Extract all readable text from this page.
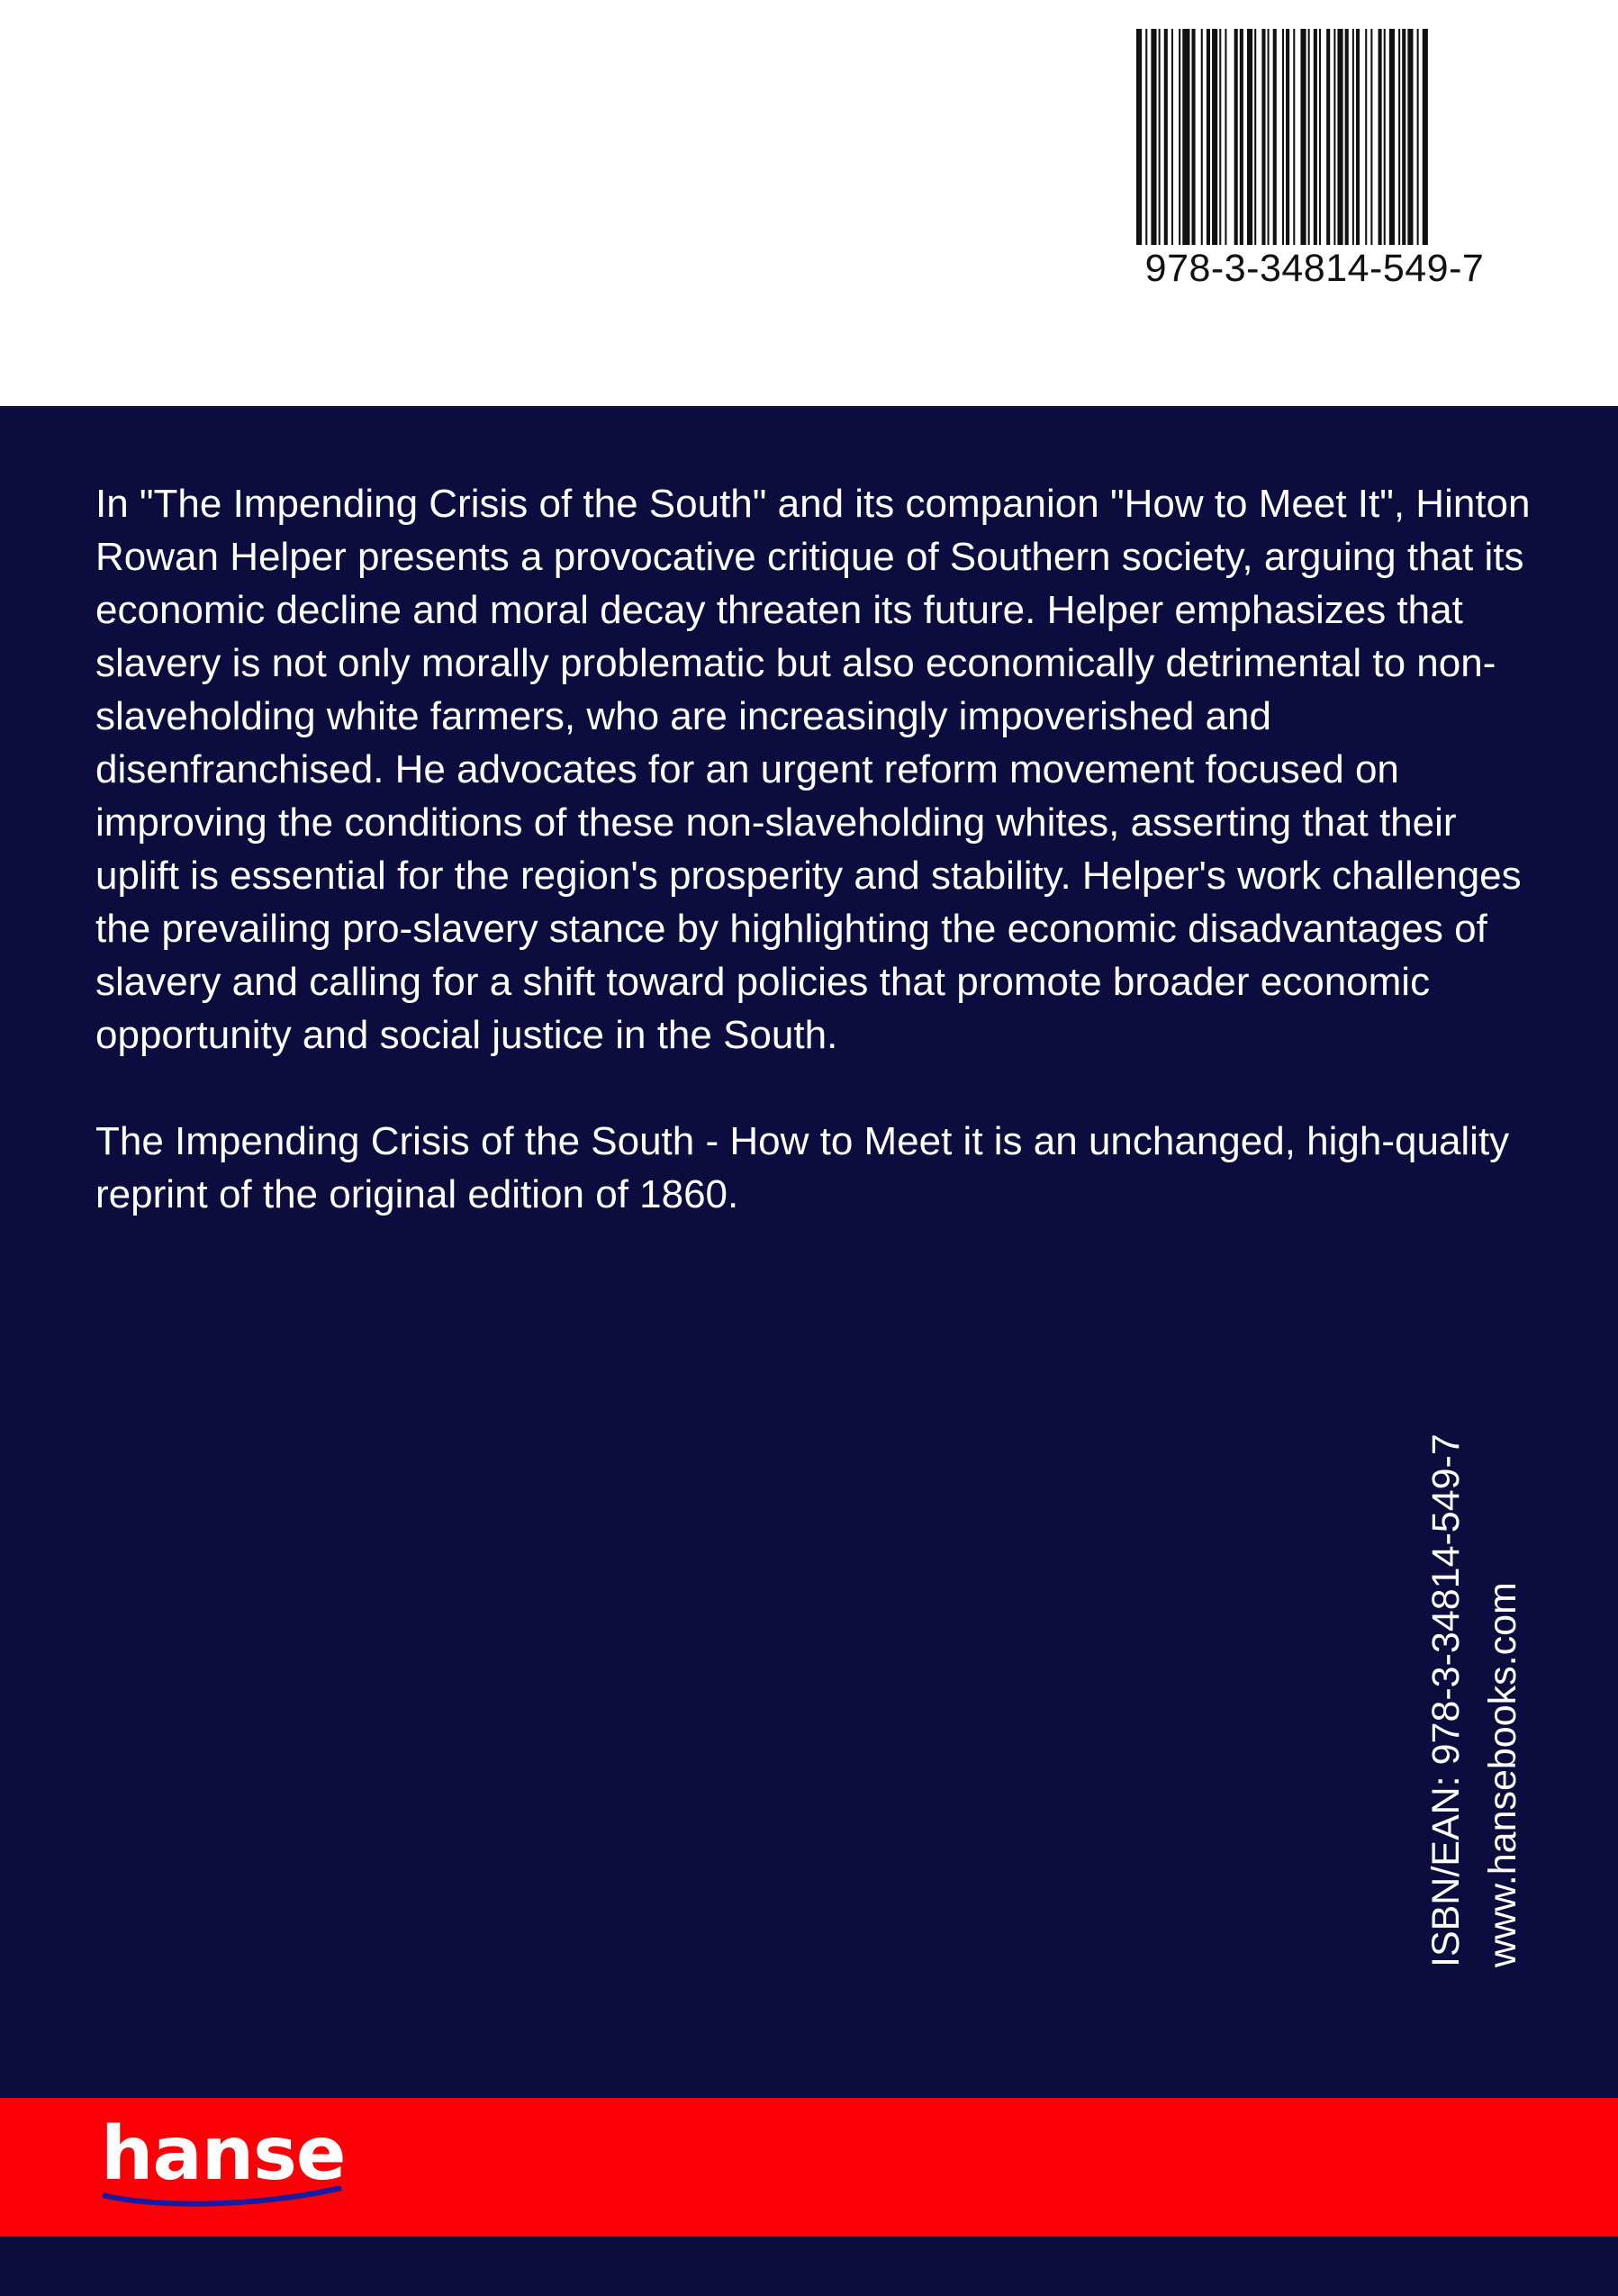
978-3-34814-549-7

In "The Impending Crisis of the South" and its companion "How to Meet It", Hinton Rowan Helper presents a provocative critique of Southern society, arguing that its economic decline and moral decay threaten its future. Helper emphasizes that slavery is not only morally problematic but also economically detrimental to non-slaveholding white farmers, who are increasingly impoverished and disenfranchised. He advocates for an urgent reform movement focused on improving the conditions of these non-slaveholding whites, asserting that their uplift is essential for the region's prosperity and stability. Helper's work challenges the prevailing pro-slavery stance by highlighting the economic disadvantages of slavery and calling for a shift toward policies that promote broader economic opportunity and social justice in the South.

The Impending Crisis of the South - How to Meet it is an unchanged, high-quality reprint of the original edition of 1860.

ISBN/EAN: 978-3-34814-549-7 www.hansebooks.com
hanse
